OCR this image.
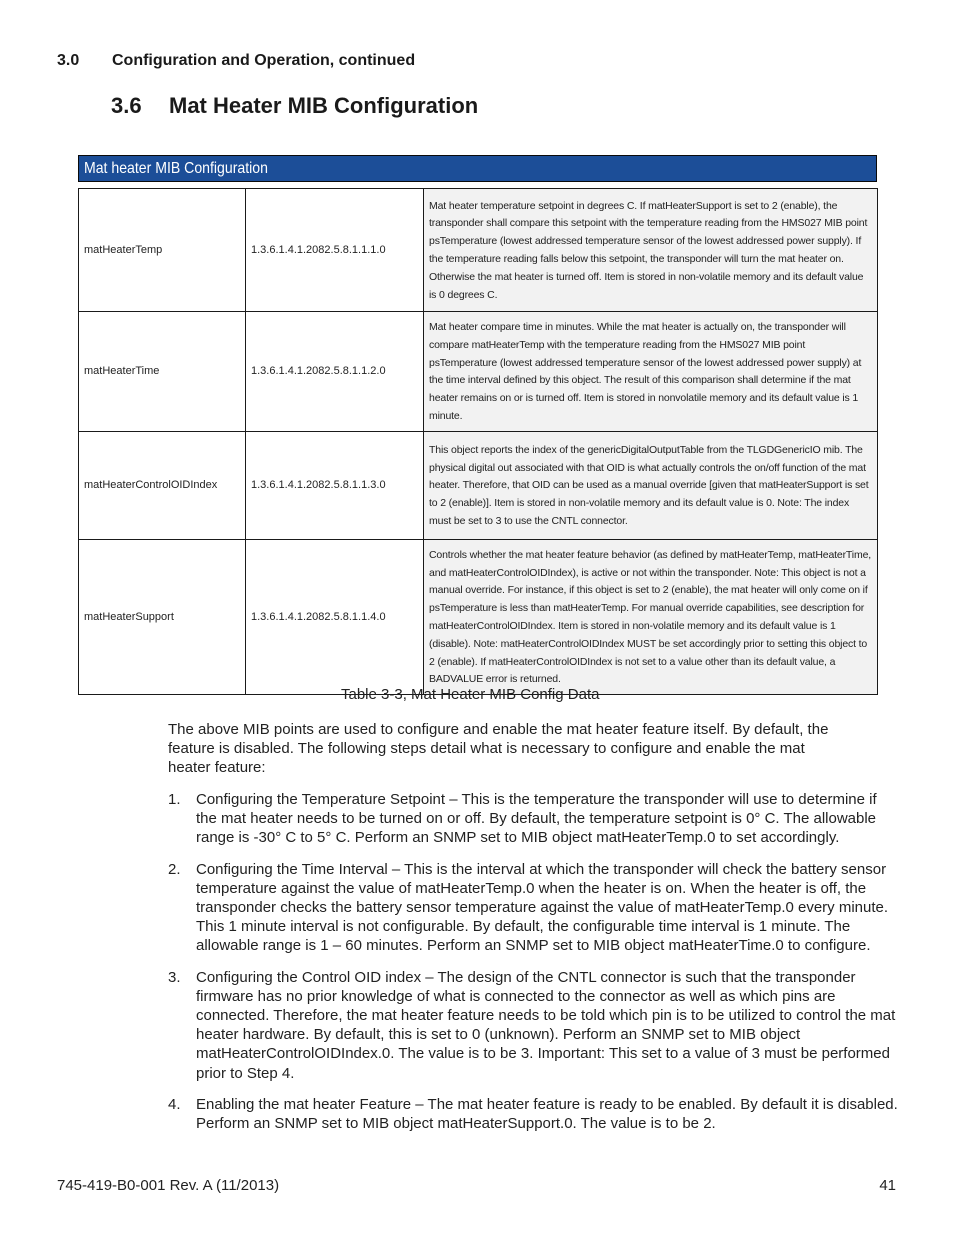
3.0 Configuration and Operation, continued
3.6 Mat Heater MIB Configuration
Mat heater MIB Configuration
matHeaterTemp	1.3.6.1.4.1.2082.5.8.1.1.1.0	Mat heater temperature setpoint in degrees C. If matHeaterSupport is set to 2 (enable), the transponder shall compare this setpoint with the temperature reading from the HMS027 MIB point psTemperature (lowest addressed temperature sensor of the lowest addressed power supply). If the temperature reading falls below this setpoint, the transponder will turn the mat heater on. Otherwise the mat heater is turned off. Item is stored in non-volatile memory and its default value is 0 degrees C.
matHeaterTime	1.3.6.1.4.1.2082.5.8.1.1.2.0	Mat heater compare time in minutes. While the mat heater is actually on, the transponder will compare matHeaterTemp with the temperature reading from the HMS027 MIB point psTemperature (lowest addressed temperature sensor of the lowest addressed power supply) at the time interval defined by this object. The result of this comparison shall determine if the mat heater remains on or is turned off. Item is stored in nonvolatile memory and its default value is 1 minute.
matHeaterControlOIDIndex	1.3.6.1.4.1.2082.5.8.1.1.3.0	This object reports the index of the genericDigitalOutputTable from the TLGDGenericIO mib. The physical digital out associated with that OID is what actually controls the on/off function of the mat heater. Therefore, that OID can be used as a manual override [given that matHeaterSupport is set to 2 (enable)]. Item is stored in non-volatile memory and its default value is 0. Note: The index must be set to 3 to use the CNTL connector.
matHeaterSupport	1.3.6.1.4.1.2082.5.8.1.1.4.0	Controls whether the mat heater feature behavior (as defined by matHeaterTemp, matHeaterTime, and matHeaterControlOIDIndex), is active or not within the transponder. Note: This object is not a manual override. For instance, if this object is set to 2 (enable), the mat heater will only come on if psTemperature is less than matHeaterTemp. For manual override capabilities, see description for matHeaterControlOIDIndex. Item is stored in non-volatile memory and its default value is 1 (disable). Note: matHeaterControlOIDIndex MUST be set accordingly prior to setting this object to 2 (enable). If matHeaterControlOIDIndex is not set to a value other than its default value, a BADVALUE error is returned.
Table 3-3, Mat Heater MIB Config Data
The above MIB points are used to configure and enable the mat heater feature itself. By default, the feature is disabled. The following steps detail what is necessary to configure and enable the mat heater feature:
1. Configuring the Temperature Setpoint – This is the temperature the transponder will use to determine if the mat heater needs to be turned on or off. By default, the temperature setpoint is 0° C. The allowable range is -30° C to 5° C. Perform an SNMP set to MIB object matHeaterTemp.0 to set accordingly.
2. Configuring the Time Interval – This is the interval at which the transponder will check the battery sensor temperature against the value of matHeaterTemp.0 when the heater is on. When the heater is off, the transponder checks the battery sensor temperature against the value of matHeaterTemp.0 every minute. This 1 minute interval is not configurable. By default, the configurable time interval is 1 minute. The allowable range is 1 – 60 minutes. Perform an SNMP set to MIB object matHeaterTime.0 to configure.
3. Configuring the Control OID index – The design of the CNTL connector is such that the transponder firmware has no prior knowledge of what is connected to the connector as well as which pins are connected. Therefore, the mat heater feature needs to be told which pin is to be utilized to control the mat heater hardware. By default, this is set to 0 (unknown). Perform an SNMP set to MIB object matHeaterControlOIDIndex.0. The value is to be 3. Important: This set to a value of 3 must be performed prior to Step 4.
4. Enabling the mat heater Feature – The mat heater feature is ready to be enabled. By default it is disabled. Perform an SNMP set to MIB object matHeaterSupport.0. The value is to be 2.
745-419-B0-001 Rev. A (11/2013)	41
